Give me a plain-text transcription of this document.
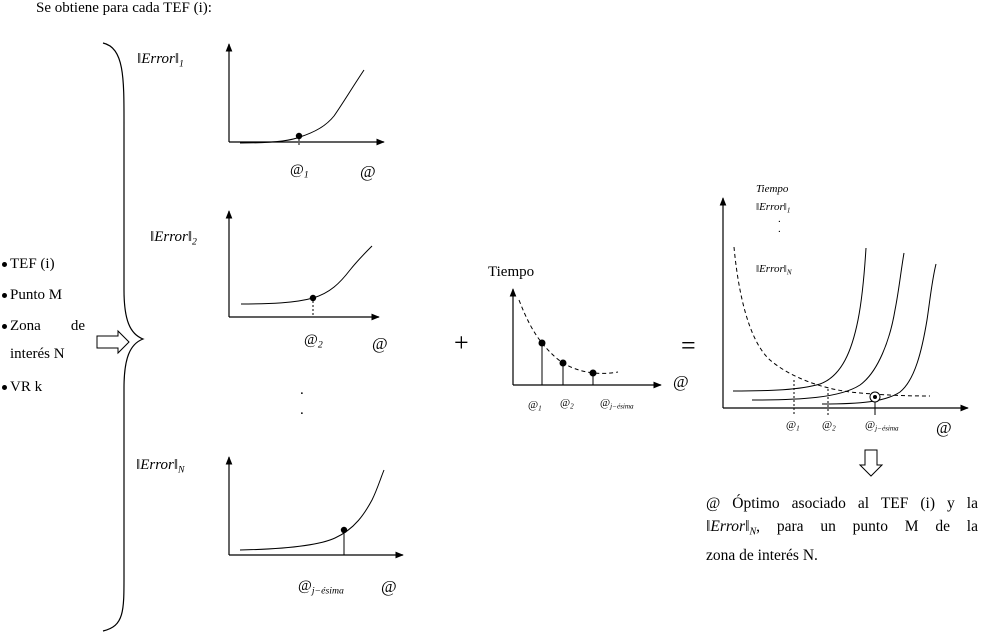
Se obtiene para cada TEF (i):
TEF (i)
Punto M
Zona de
interés N
VR k
$‖Error‖_1$
$@_1$	@
$‖Error‖_2$
$@_2$	@
.
.
$‖Error‖_N$
$@_{j-ésima}$ @
+	=
Tiempo
$@_1$ $@_2$ $@_{j-ésima}$
@
Tiempo
$‖Error‖_1$
.
.
$‖Error‖_N$
$@_1$ $@_2$	$@_{j-ésima}$ @
@ Óptimo asociado al TEF (i) y la
$‖Error‖_N$, para un punto M de la
zona de interés N.
